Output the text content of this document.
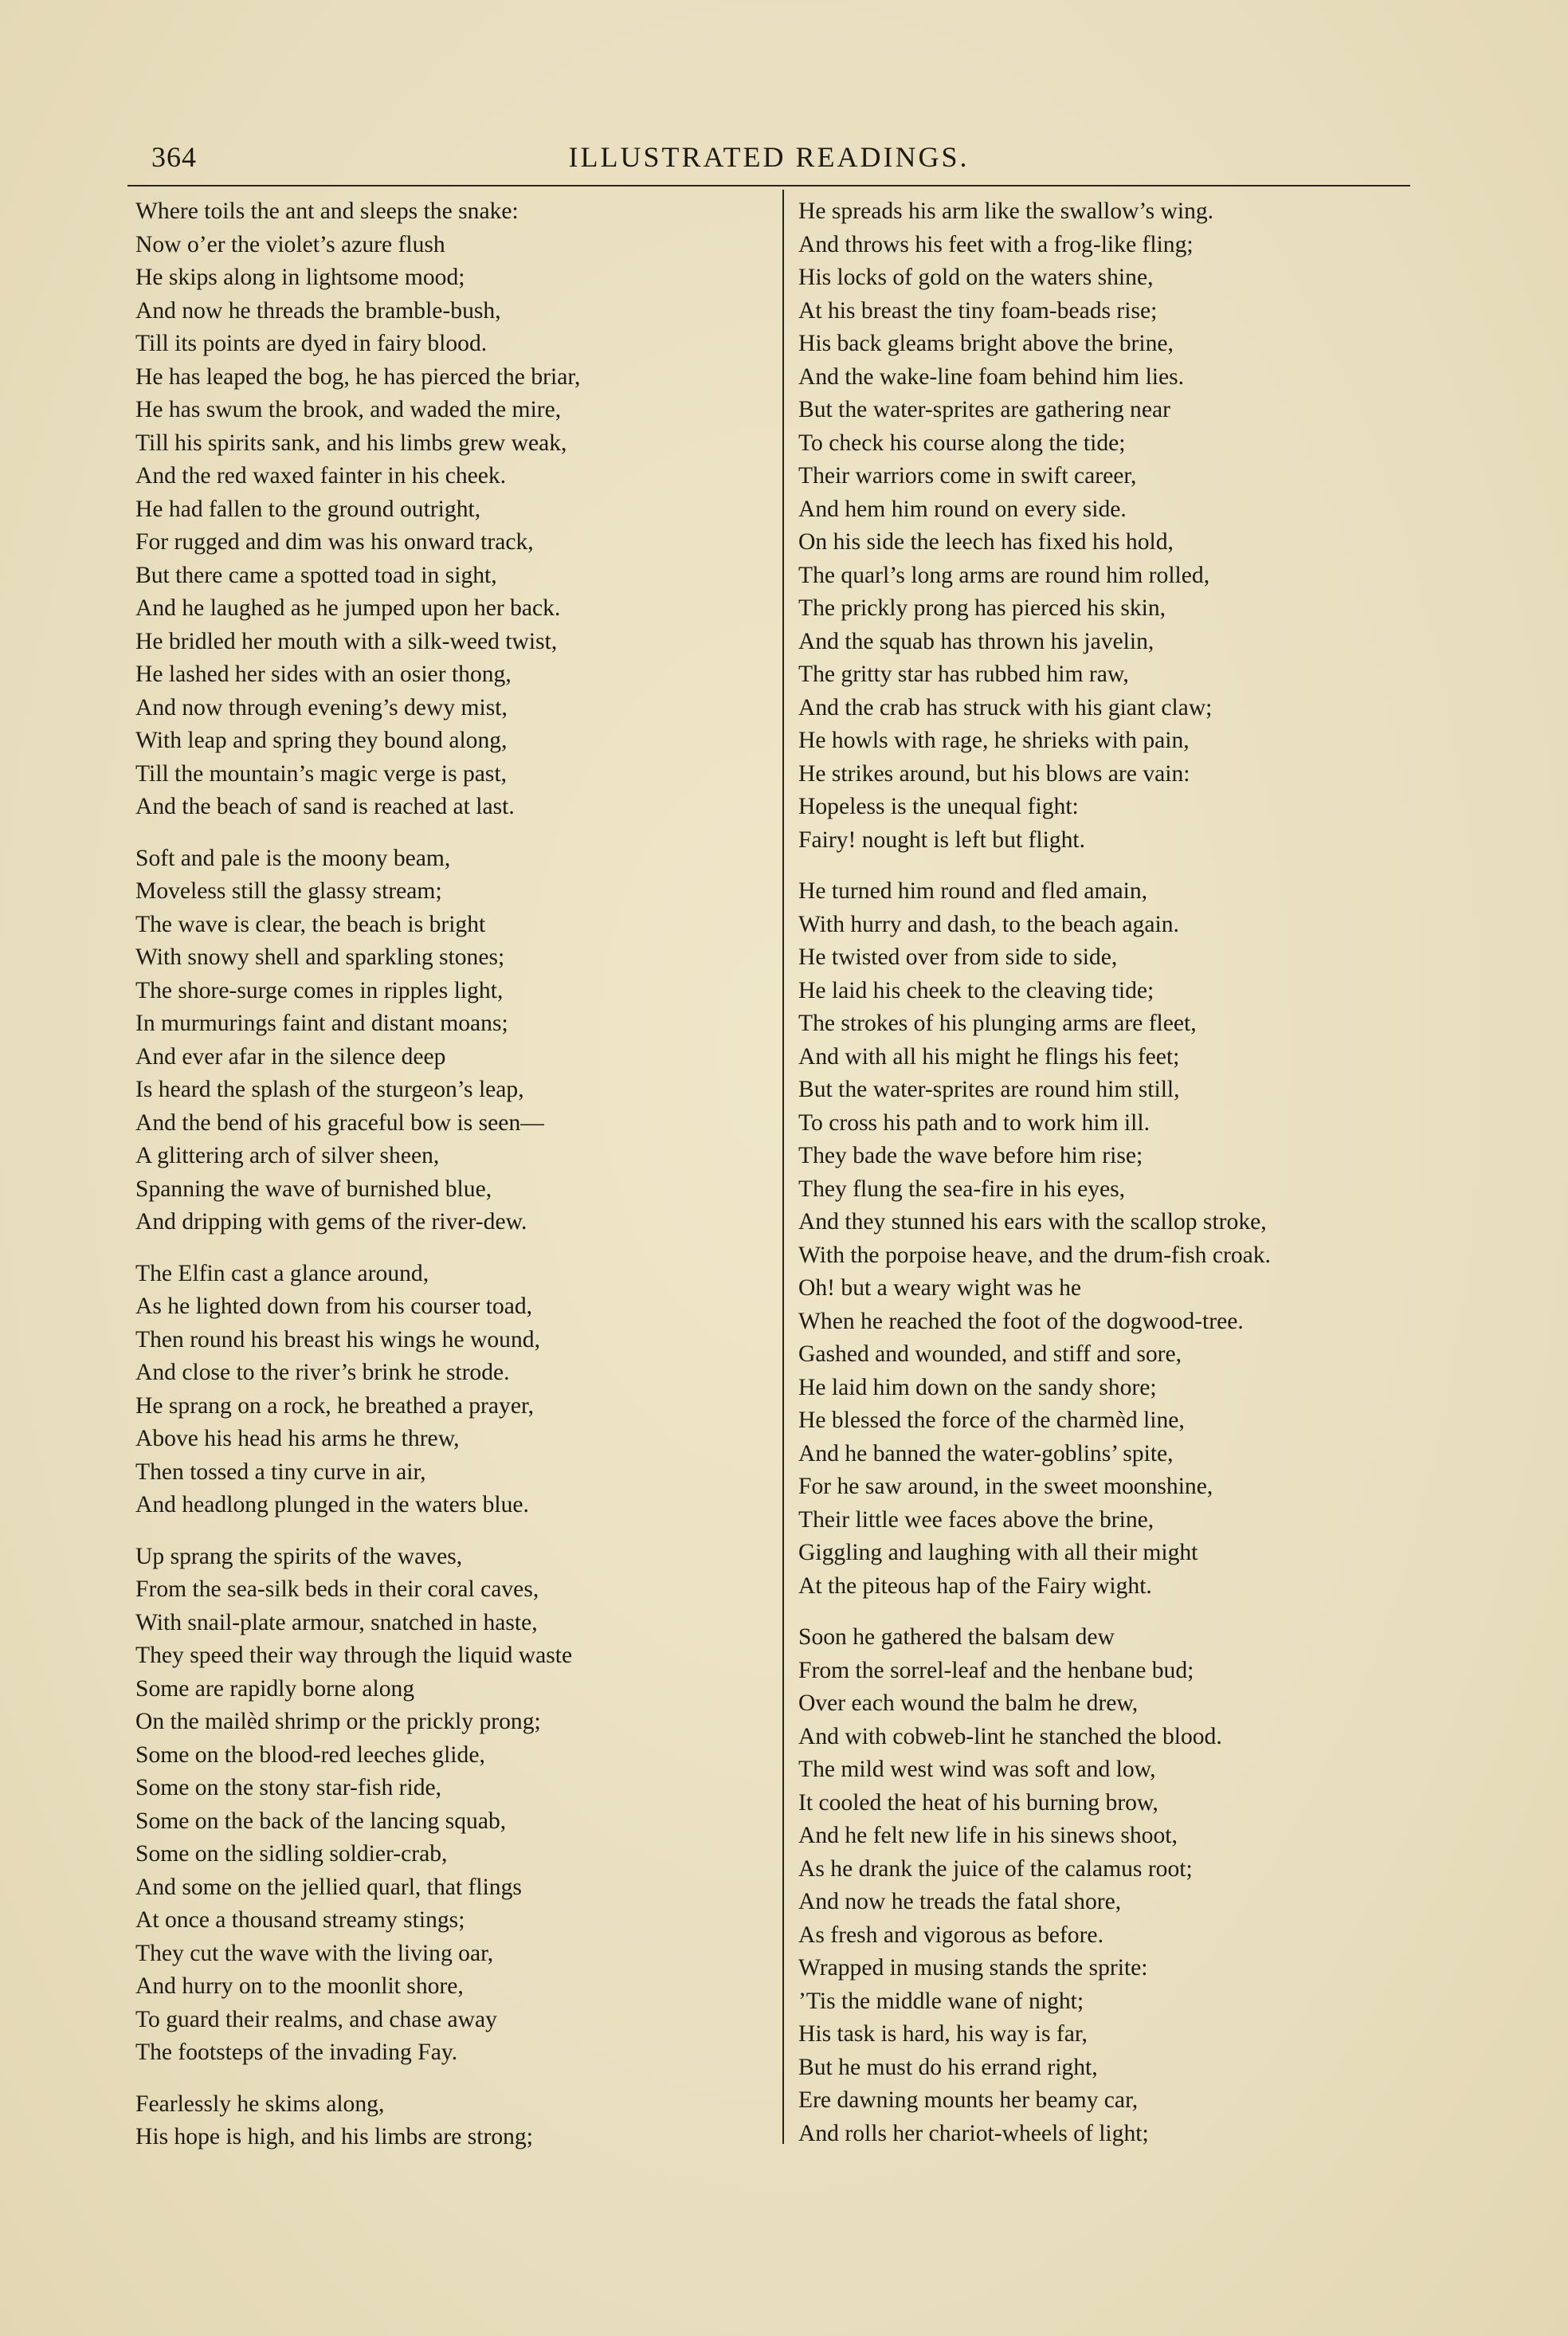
364	ILLUSTRATED READINGS.
Where toils the ant and sleeps the snake:
Now o’er the violet’s azure flush
He skips along in lightsome mood;
And now he threads the bramble-bush,
Till its points are dyed in fairy blood.
He has leaped the bog, he has pierced the briar,
He has swum the brook, and waded the mire,
Till his spirits sank, and his limbs grew weak,
And the red waxed fainter in his cheek.
He had fallen to the ground outright,
For rugged and dim was his onward track,
But there came a spotted toad in sight,
And he laughed as he jumped upon her back.
He bridled her mouth with a silk-weed twist,
He lashed her sides with an osier thong,
And now through evening’s dewy mist,
With leap and spring they bound along,
Till the mountain’s magic verge is past,
And the beach of sand is reached at last.
Soft and pale is the moony beam,
Moveless still the glassy stream;
The wave is clear, the beach is bright
With snowy shell and sparkling stones;
The shore-surge comes in ripples light,
In murmurings faint and distant moans;
And ever afar in the silence deep
Is heard the splash of the sturgeon’s leap,
And the bend of his graceful bow is seen—
A glittering arch of silver sheen,
Spanning the wave of burnished blue,
And dripping with gems of the river-dew.
The Elfin cast a glance around,
As he lighted down from his courser toad,
Then round his breast his wings he wound,
And close to the river’s brink he strode.
He sprang on a rock, he breathed a prayer,
Above his head his arms he threw,
Then tossed a tiny curve in air,
And headlong plunged in the waters blue.
Up sprang the spirits of the waves,
From the sea-silk beds in their coral caves,
With snail-plate armour, snatched in haste,
They speed their way through the liquid waste
Some are rapidly borne along
On the mailèd shrimp or the prickly prong;
Some on the blood-red leeches glide,
Some on the stony star-fish ride,
Some on the back of the lancing squab,
Some on the sidling soldier-crab,
And some on the jellied quarl, that flings
At once a thousand streamy stings;
They cut the wave with the living oar,
And hurry on to the moonlit shore,
To guard their realms, and chase away
The footsteps of the invading Fay.
Fearlessly he skims along,
His hope is high, and his limbs are strong;
He spreads his arm like the swallow’s wing.
And throws his feet with a frog-like fling;
His locks of gold on the waters shine,
At his breast the tiny foam-beads rise;
His back gleams bright above the brine,
And the wake-line foam behind him lies.
But the water-sprites are gathering near
To check his course along the tide;
Their warriors come in swift career,
And hem him round on every side.
On his side the leech has fixed his hold,
The quarl’s long arms are round him rolled,
The prickly prong has pierced his skin,
And the squab has thrown his javelin,
The gritty star has rubbed him raw,
And the crab has struck with his giant claw;
He howls with rage, he shrieks with pain,
He strikes around, but his blows are vain:
Hopeless is the unequal fight:
Fairy! nought is left but flight.
He turned him round and fled amain,
With hurry and dash, to the beach again.
He twisted over from side to side,
He laid his cheek to the cleaving tide;
The strokes of his plunging arms are fleet,
And with all his might he flings his feet;
But the water-sprites are round him still,
To cross his path and to work him ill.
They bade the wave before him rise;
They flung the sea-fire in his eyes,
And they stunned his ears with the scallop stroke,
With the porpoise heave, and the drum-fish croak.
Oh! but a weary wight was he
When he reached the foot of the dogwood-tree.
Gashed and wounded, and stiff and sore,
He laid him down on the sandy shore;
He blessed the force of the charmèd line,
And he banned the water-goblins’ spite,
For he saw around, in the sweet moonshine,
Their little wee faces above the brine,
Giggling and laughing with all their might
At the piteous hap of the Fairy wight.
Soon he gathered the balsam dew
From the sorrel-leaf and the henbane bud;
Over each wound the balm he drew,
And with cobweb-lint he stanched the blood.
The mild west wind was soft and low,
It cooled the heat of his burning brow,
And he felt new life in his sinews shoot,
As he drank the juice of the calamus root;
And now he treads the fatal shore,
As fresh and vigorous as before.
Wrapped in musing stands the sprite:
’Tis the middle wane of night;
His task is hard, his way is far,
But he must do his errand right,
Ere dawning mounts her beamy car,
And rolls her chariot-wheels of light;
